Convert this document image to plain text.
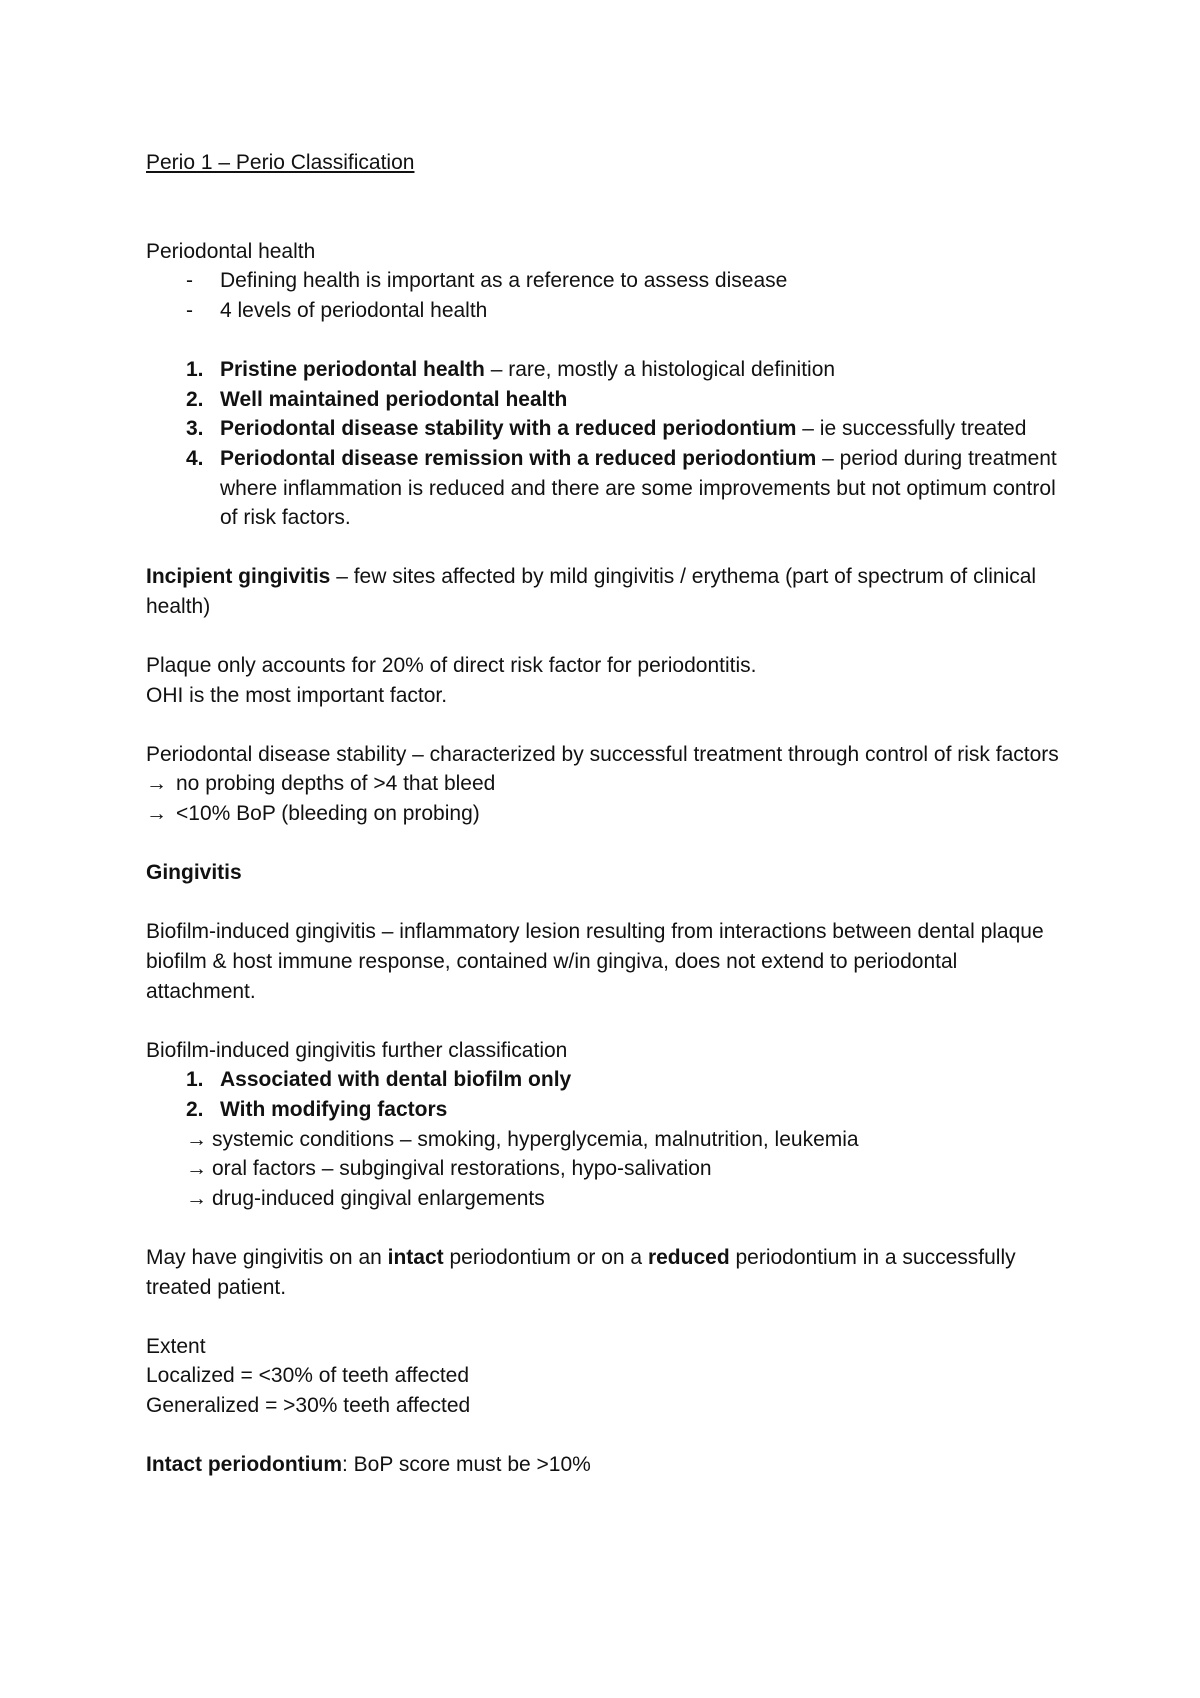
Perio 1 – Perio Classification

Periodontal health

- Defining health is important as a reference to assess disease
- 4 levels of periodontal health
1. Pristine periodontal health – rare, mostly a histological definition
2. Well maintained periodontal health
3. Periodontal disease stability with a reduced periodontium – ie successfully treated
4. Periodontal disease remission with a reduced periodontium – period during treatment where inflammation is reduced and there are some improvements but not optimum control of risk factors.

Incipient gingivitis – few sites affected by mild gingivitis / erythema (part of spectrum of clinical health)

Plaque only accounts for 20% of direct risk factor for periodontitis.

OHI is the most important factor.

Periodontal disease stability – characterized by successful treatment through control of risk factors

→ no probing depths of >4 that bleed
→ <10% BoP (bleeding on probing)

Gingivitis

Biofilm-induced gingivitis – inflammatory lesion resulting from interactions between dental plaque biofilm & host immune response, contained w/in gingiva, does not extend to periodontal attachment.

Biofilm-induced gingivitis further classification

1. Associated with dental biofilm only
2. With modifying factors
→ systemic conditions – smoking, hyperglycemia, malnutrition, leukemia
→ oral factors – subgingival restorations, hypo-salivation
→ drug-induced gingival enlargements

May have gingivitis on an intact periodontium or on a reduced periodontium in a successfully treated patient.

Extent

Localized = <30% of teeth affected

Generalized = >30% teeth affected

Intact periodontium: BoP score must be >10%
